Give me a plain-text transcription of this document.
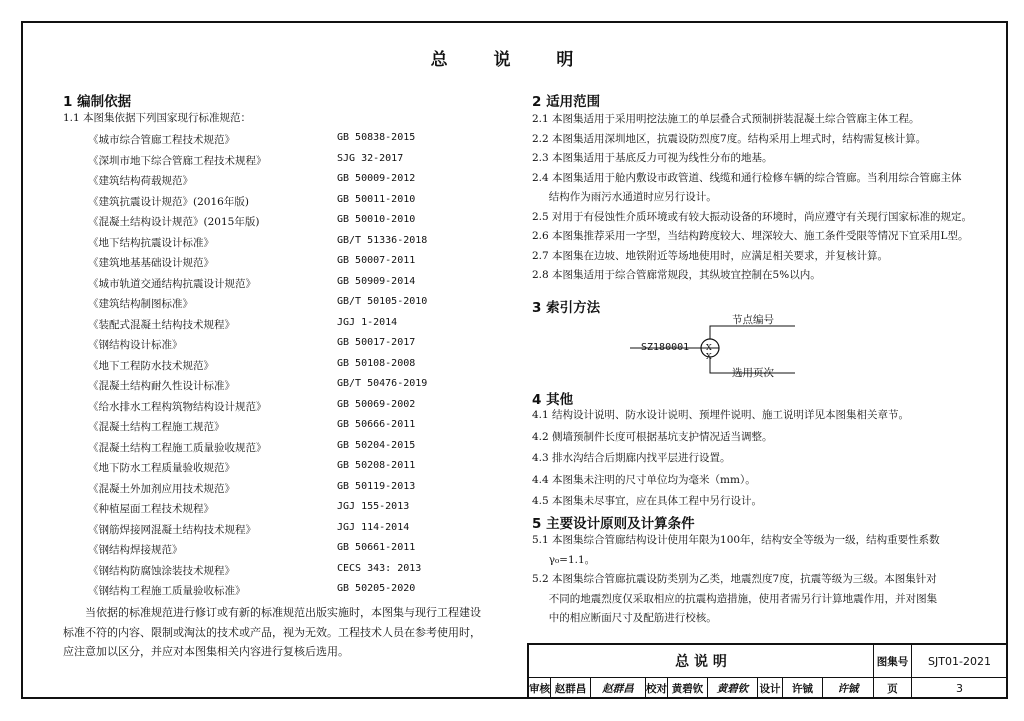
总 说 明
1 编制依据
1.1 本图集依据下列国家现行标准规范：
《城市综合管廊工程技术规范》	GB 50838-2015
《深圳市地下综合管廊工程技术规程》	SJG 32-2017
《建筑结构荷载规范》	GB 50009-2012
《建筑抗震设计规范》(2016年版)	GB 50011-2010
《混凝土结构设计规范》(2015年版)	GB 50010-2010
《地下结构抗震设计标准》	GB/T 51336-2018
《建筑地基基础设计规范》	GB 50007-2011
《城市轨道交通结构抗震设计规范》	GB 50909-2014
《建筑结构制图标准》	GB/T 50105-2010
《装配式混凝土结构技术规程》	JGJ 1-2014
《钢结构设计标准》	GB 50017-2017
《地下工程防水技术规范》	GB 50108-2008
《混凝土结构耐久性设计标准》	GB/T 50476-2019
《给水排水工程构筑物结构设计规范》	GB 50069-2002
《混凝土结构工程施工规范》	GB 50666-2011
《混凝土结构工程施工质量验收规范》	GB 50204-2015
《地下防水工程质量验收规范》	GB 50208-2011
《混凝土外加剂应用技术规范》	GB 50119-2013
《种植屋面工程技术规程》	JGJ 155-2013
《钢筋焊接网混凝土结构技术规程》	JGJ 114-2014
《钢结构焊接规范》	GB 50661-2011
《钢结构防腐蚀涂装技术规程》	CECS 343: 2013
《钢结构工程施工质量验收标准》	GB 50205-2020
当依据的标准规范进行修订或有新的标准规范出版实施时，本图集与现行工程建设
标准不符的内容、限制或淘汰的技术或产品，视为无效。工程技术人员在参考使用时，
应注意加以区分，并应对本图集相关内容进行复核后选用。
2 适用范围
2.1 本图集适用于采用明挖法施工的单层叠合式预制拼装混凝土综合管廊主体工程。
2.2 本图集适用深圳地区，抗震设防烈度7度。结构采用上埋式时，结构需复核计算。
2.3 本图集适用于基底反力可视为线性分布的地基。
2.4 本图集适用于舱内敷设市政管道、线缆和通行检修车辆的综合管廊。当利用综合管廊主体
结构作为雨污水通道时应另行设计。
2.5 对用于有侵蚀性介质环境或有较大振动设备的环境时，尚应遵守有关现行国家标准的规定。
2.6 本图集推荐采用一字型，当结构跨度较大、埋深较大、施工条件受限等情况下宜采用L型。
2.7 本图集在边坡、地铁附近等场地使用时，应满足相关要求，并复核计算。
2.8 本图集适用于综合管廊常规段，其纵坡宜控制在5%以内。
3 索引方法
节点编号
SZ180001 X
X
选用页次
4 其他
4.1 结构设计说明、防水设计说明、预埋件说明、施工说明详见本图集相关章节。
4.2 侧墙预制件长度可根据基坑支护情况适当调整。
4.3 排水沟结合后期廊内找平层进行设置。
4.4 本图集未注明的尺寸单位均为毫米（mm）。
4.5 本图集未尽事宜，应在具体工程中另行设计。
5 主要设计原则及计算条件
5.1 本图集综合管廊结构设计使用年限为100年，结构安全等级为一级，结构重要性系数
γ₀=1.1。
5.2 本图集综合管廊抗震设防类别为乙类，地震烈度7度，抗震等级为三级。本图集针对
不同的地震烈度仅采取相应的抗震构造措施，使用者需另行计算地震作用，并对图集
中的相应断面尺寸及配筋进行校核。
总 说 明	图集号	SJT01-2021
审核 赵群昌	赵群昌	校对 黄碧钦	黄碧钦	设计	许铖	许铖	页	3
